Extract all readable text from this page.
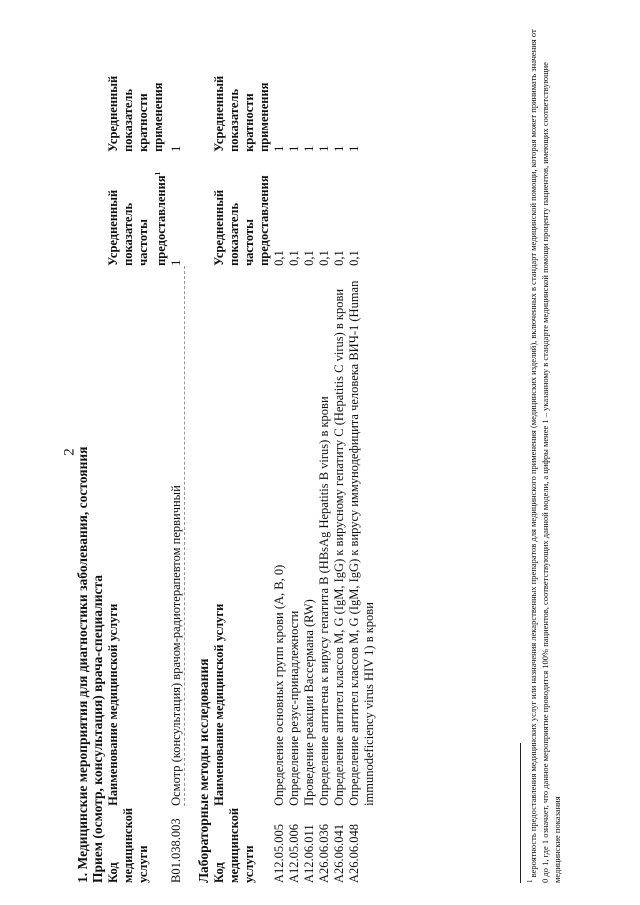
2
1. Медицинские мероприятия для диагностики заболевания, состояния Прием (осмотр, консультация) врача-специалиста Код медицинской услуги	Наименование медицинской услуги	Усредненный показатель частоты предоставления$^1$	Усредненный показатель кратности применения
B01.038.003	Осмотр (консультация) врачом-радиотерапевтом первичный	1	1
Лабораторные методы исследования Код медицинской услуги	Наименование медицинской услуги	Усредненный показатель частоты предоставления	Усредненный показатель кратности применения
A12.05.005	Определение основных групп крови (A, B, 0)	0,1	1
A12.05.006	Определение резус-принадлежности	0,1	1
A12.06.011	Проведение реакции Вассермана (RW)	0,1	1
A26.06.036	Определение антигена к вирусу гепатита B (HBsAg Hepatitis B virus) в крови	0,1	1
A26.06.041	Определение антител классов M, G (IgM, IgG) к вирусному гепатиту C (Hepatitis C virus) в крови	0,1	1
A26.06.048	Определение антител классов M, G (IgM, IgG) к вирусу иммунодефицита человека ВИЧ-1 (Human immunodeficiency virus HIV 1) в крови	0,1	1
$^1$ вероятность предоставления медицинских услуг или назначения лекарственных препаратов для медицинского применения (медицинских изделий), включенных в стандарт медицинской помощи, которая может принимать значения от 0 до 1, где 1 означает, что данное мероприятие проводится 100% пациентов, соответствующих данной модели, а цифры менее 1 – указанному в стандарте медицинской помощи проценту пациентов, имеющих соответствующие медицинские показания
